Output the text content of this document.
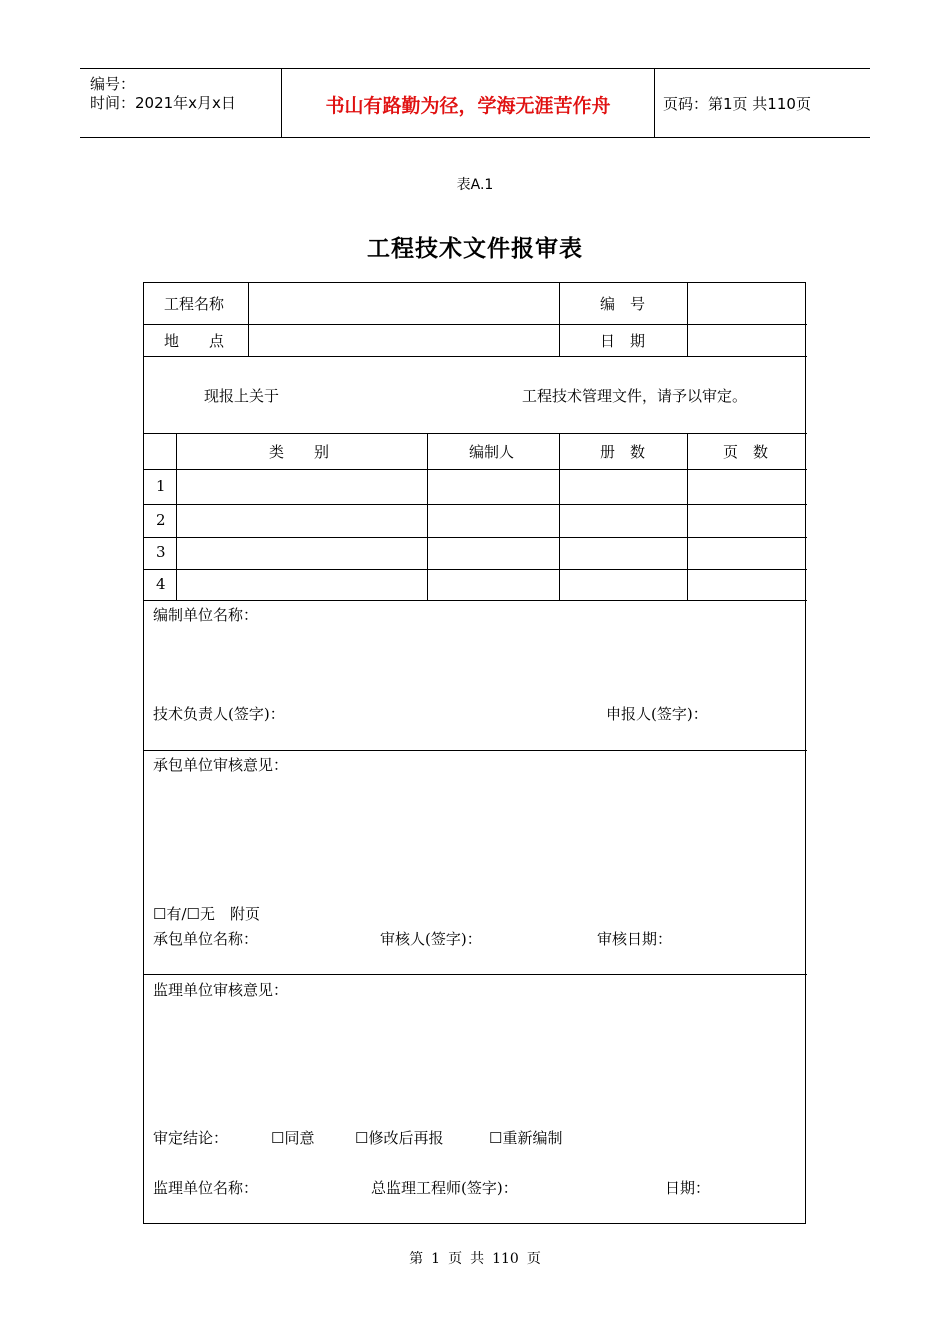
编号：
时间：2021年x月x日	书山有路勤为径，学海无涯苦作舟	页码：第1页 共110页
表A.1
工程技术文件报审表
工程名称	编　号
地　　点	日　期
现报上关于	工程技术管理文件，请予以审定。
类　　别	编制人	册　数	页　数
1
2
3
4
编制单位名称：
技术负责人(签字)：	申报人(签字)：
承包单位审核意见：
☐有/☐无　附页
承包单位名称：	审核人(签字)：	审核日期：
监理单位审核意见：
审定结论：	☐同意	☐修改后再报	☐重新编制
监理单位名称：	总监理工程师(签字)：	日期：
第 1 页 共 110 页
